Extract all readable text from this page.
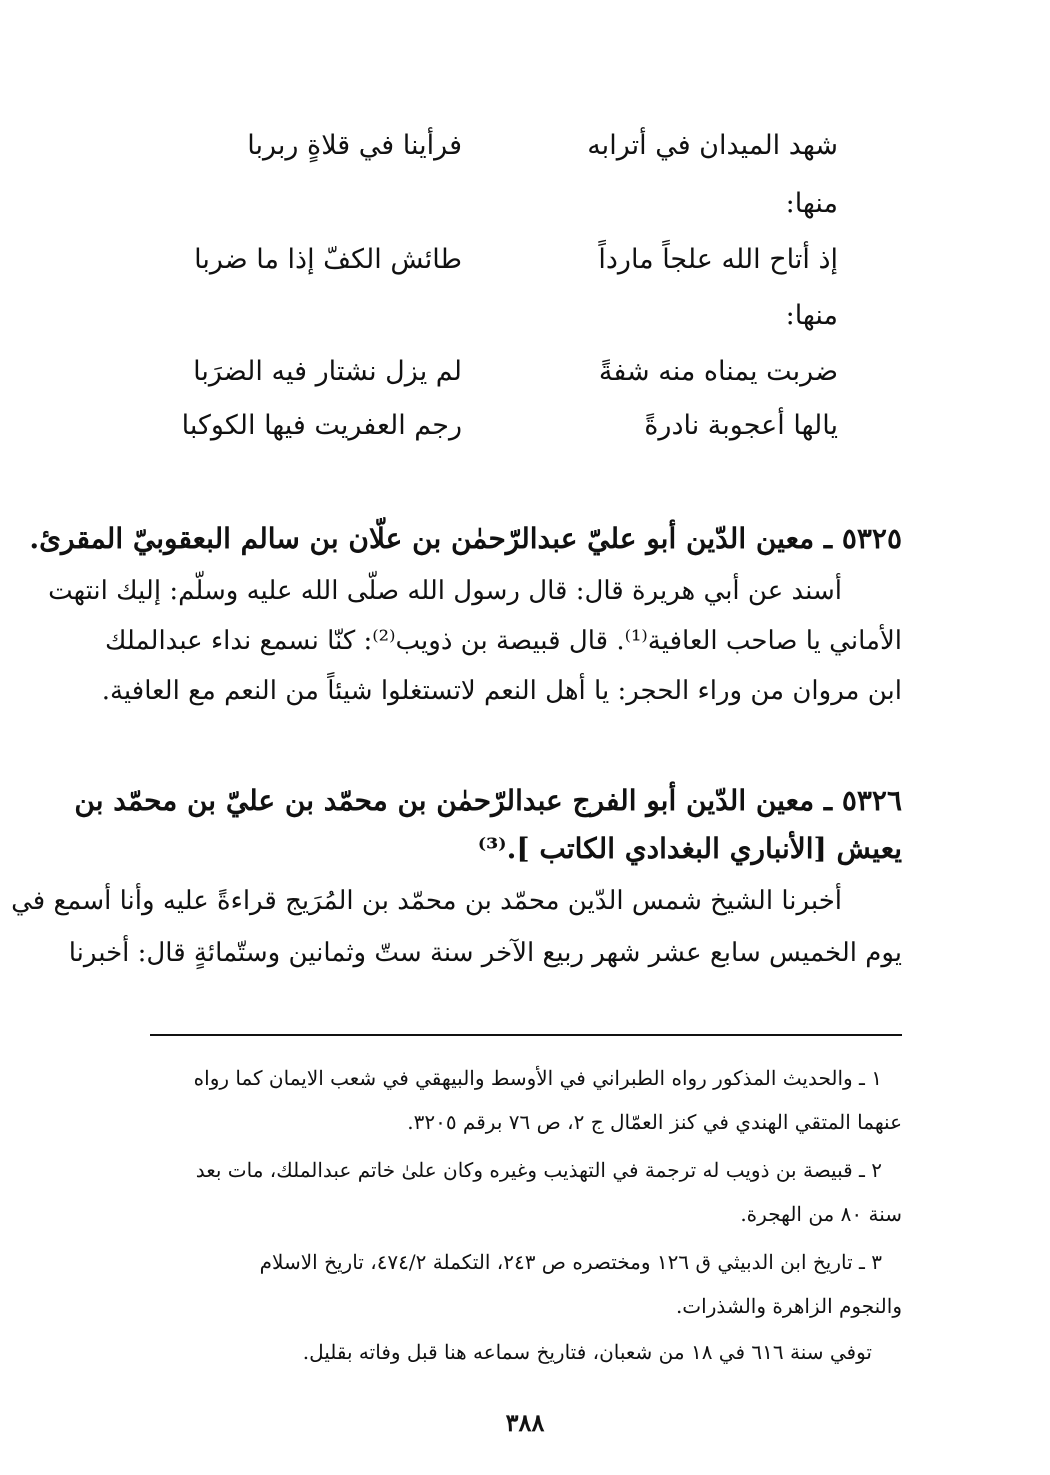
شهد الميدان في أترابه
فرأينا في قلاةٍ ربربا
منها:
إذ أتاح الله علجاً مارداً
طائش الكفّ إذا ما ضربا
منها:
ضربت يمناه منه شفةً
لم يزل نشتار فيه الضرَبا
يالها أعجوبة نادرةً
رجم العفريت فيها الكوكبا
٥٣٢٥ ـ معين الدّين أبو عليّ عبدالرّحمٰن بن علّان بن سالم البعقوبيّ المقرئ.
أسند عن أبي هريرة قال: قال رسول الله صلّى الله عليه وسلّم: إليك انتهت
الأماني يا صاحب العافية⁽¹⁾. قال قبيصة بن ذويب⁽²⁾: كنّا نسمع نداء عبدالملك
ابن مروان من وراء الحجر: يا أهل النعم لاتستغلوا شيئاً من النعم مع العافية.
٥٣٢٦ ـ معين الدّين أبو الفرج عبدالرّحمٰن بن محمّد بن عليّ بن محمّد بن
يعيش [الأنباري البغدادي الكاتب ].⁽³⁾
أخبرنا الشيخ شمس الدّين محمّد بن محمّد بن المُرَيج قراءةً عليه وأنا أسمع في
يوم الخميس سابع عشر شهر ربيع الآخر سنة ستّ وثمانين وستّمائةٍ قال: أخبرنا
١ ـ والحديث المذكور رواه الطبراني في الأوسط والبيهقي في شعب الايمان كما رواه
عنهما المتقي الهندي في كنز العمّال ج ٢، ص ٧٦ برقم ٣٢٠٥.
٢ ـ قبيصة بن ذويب له ترجمة في التهذيب وغيره وكان علىٰ خاتم عبدالملك، مات بعد
سنة ٨٠ من الهجرة.
٣ ـ تاريخ ابن الدبيثي ق ١٢٦ ومختصره ص ٢٤٣، التكملة ٤٧٤/٢، تاريخ الاسلام
والنجوم الزاهرة والشذرات.
توفي سنة ٦١٦ في ١٨ من شعبان، فتاريخ سماعه هنا قبل وفاته بقليل.
٣٨٨
